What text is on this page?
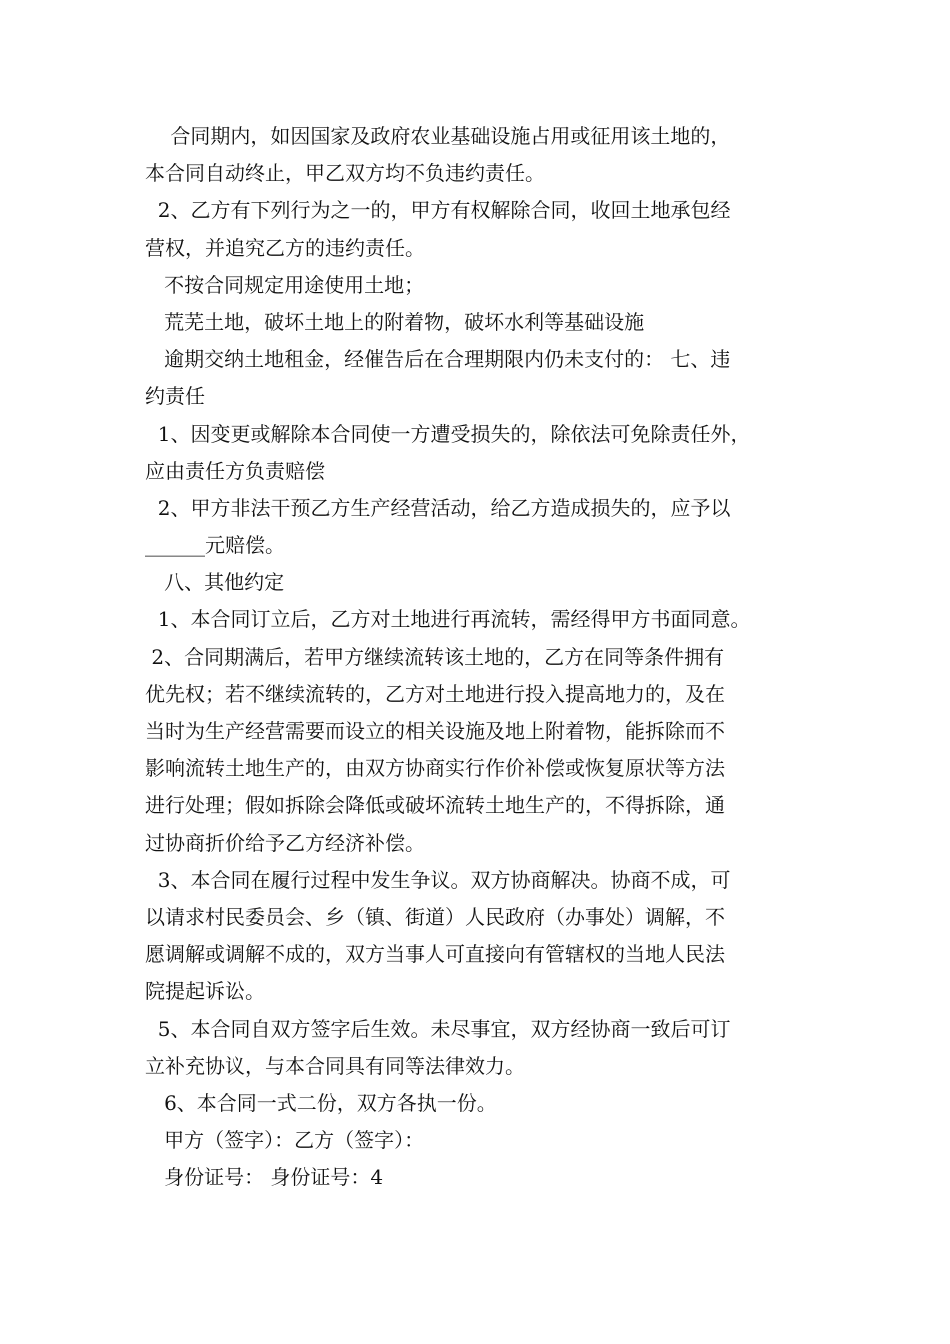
合同期内，如因国家及政府农业基础设施占用或征用该土地的，
本合同自动终止，甲乙双方均不负违约责任。
2、乙方有下列行为之一的，甲方有权解除合同，收回土地承包经
营权，并追究乙方的违约责任。
不按合同规定用途使用土地；
荒芜土地，破坏土地上的附着物，破坏水利等基础设施
逾期交纳土地租金，经催告后在合理期限内仍未支付的： 七、违
约责任
1、因变更或解除本合同使一方遭受损失的，除依法可免除责任外，
应由责任方负责赔偿
2、甲方非法干预乙方生产经营活动，给乙方造成损失的，应予以
______元赔偿。
八、其他约定
1、本合同订立后，乙方对土地进行再流转，需经得甲方书面同意。
2、合同期满后，若甲方继续流转该土地的，乙方在同等条件拥有
优先权；若不继续流转的，乙方对土地进行投入提高地力的，及在
当时为生产经营需要而设立的相关设施及地上附着物，能拆除而不
影响流转土地生产的，由双方协商实行作价补偿或恢复原状等方法
进行处理；假如拆除会降低或破坏流转土地生产的，不得拆除，通
过协商折价给予乙方经济补偿。
3、本合同在履行过程中发生争议。双方协商解决。协商不成，可
以请求村民委员会、乡（镇、街道）人民政府（办事处）调解，不
愿调解或调解不成的，双方当事人可直接向有管辖权的当地人民法
院提起诉讼。
5、本合同自双方签字后生效。未尽事宜，双方经协商一致后可订
立补充协议，与本合同具有同等法律效力。
6、本合同一式二份，双方各执一份。
甲方（签字）：乙方（签字）：
身份证号： 身份证号：4
